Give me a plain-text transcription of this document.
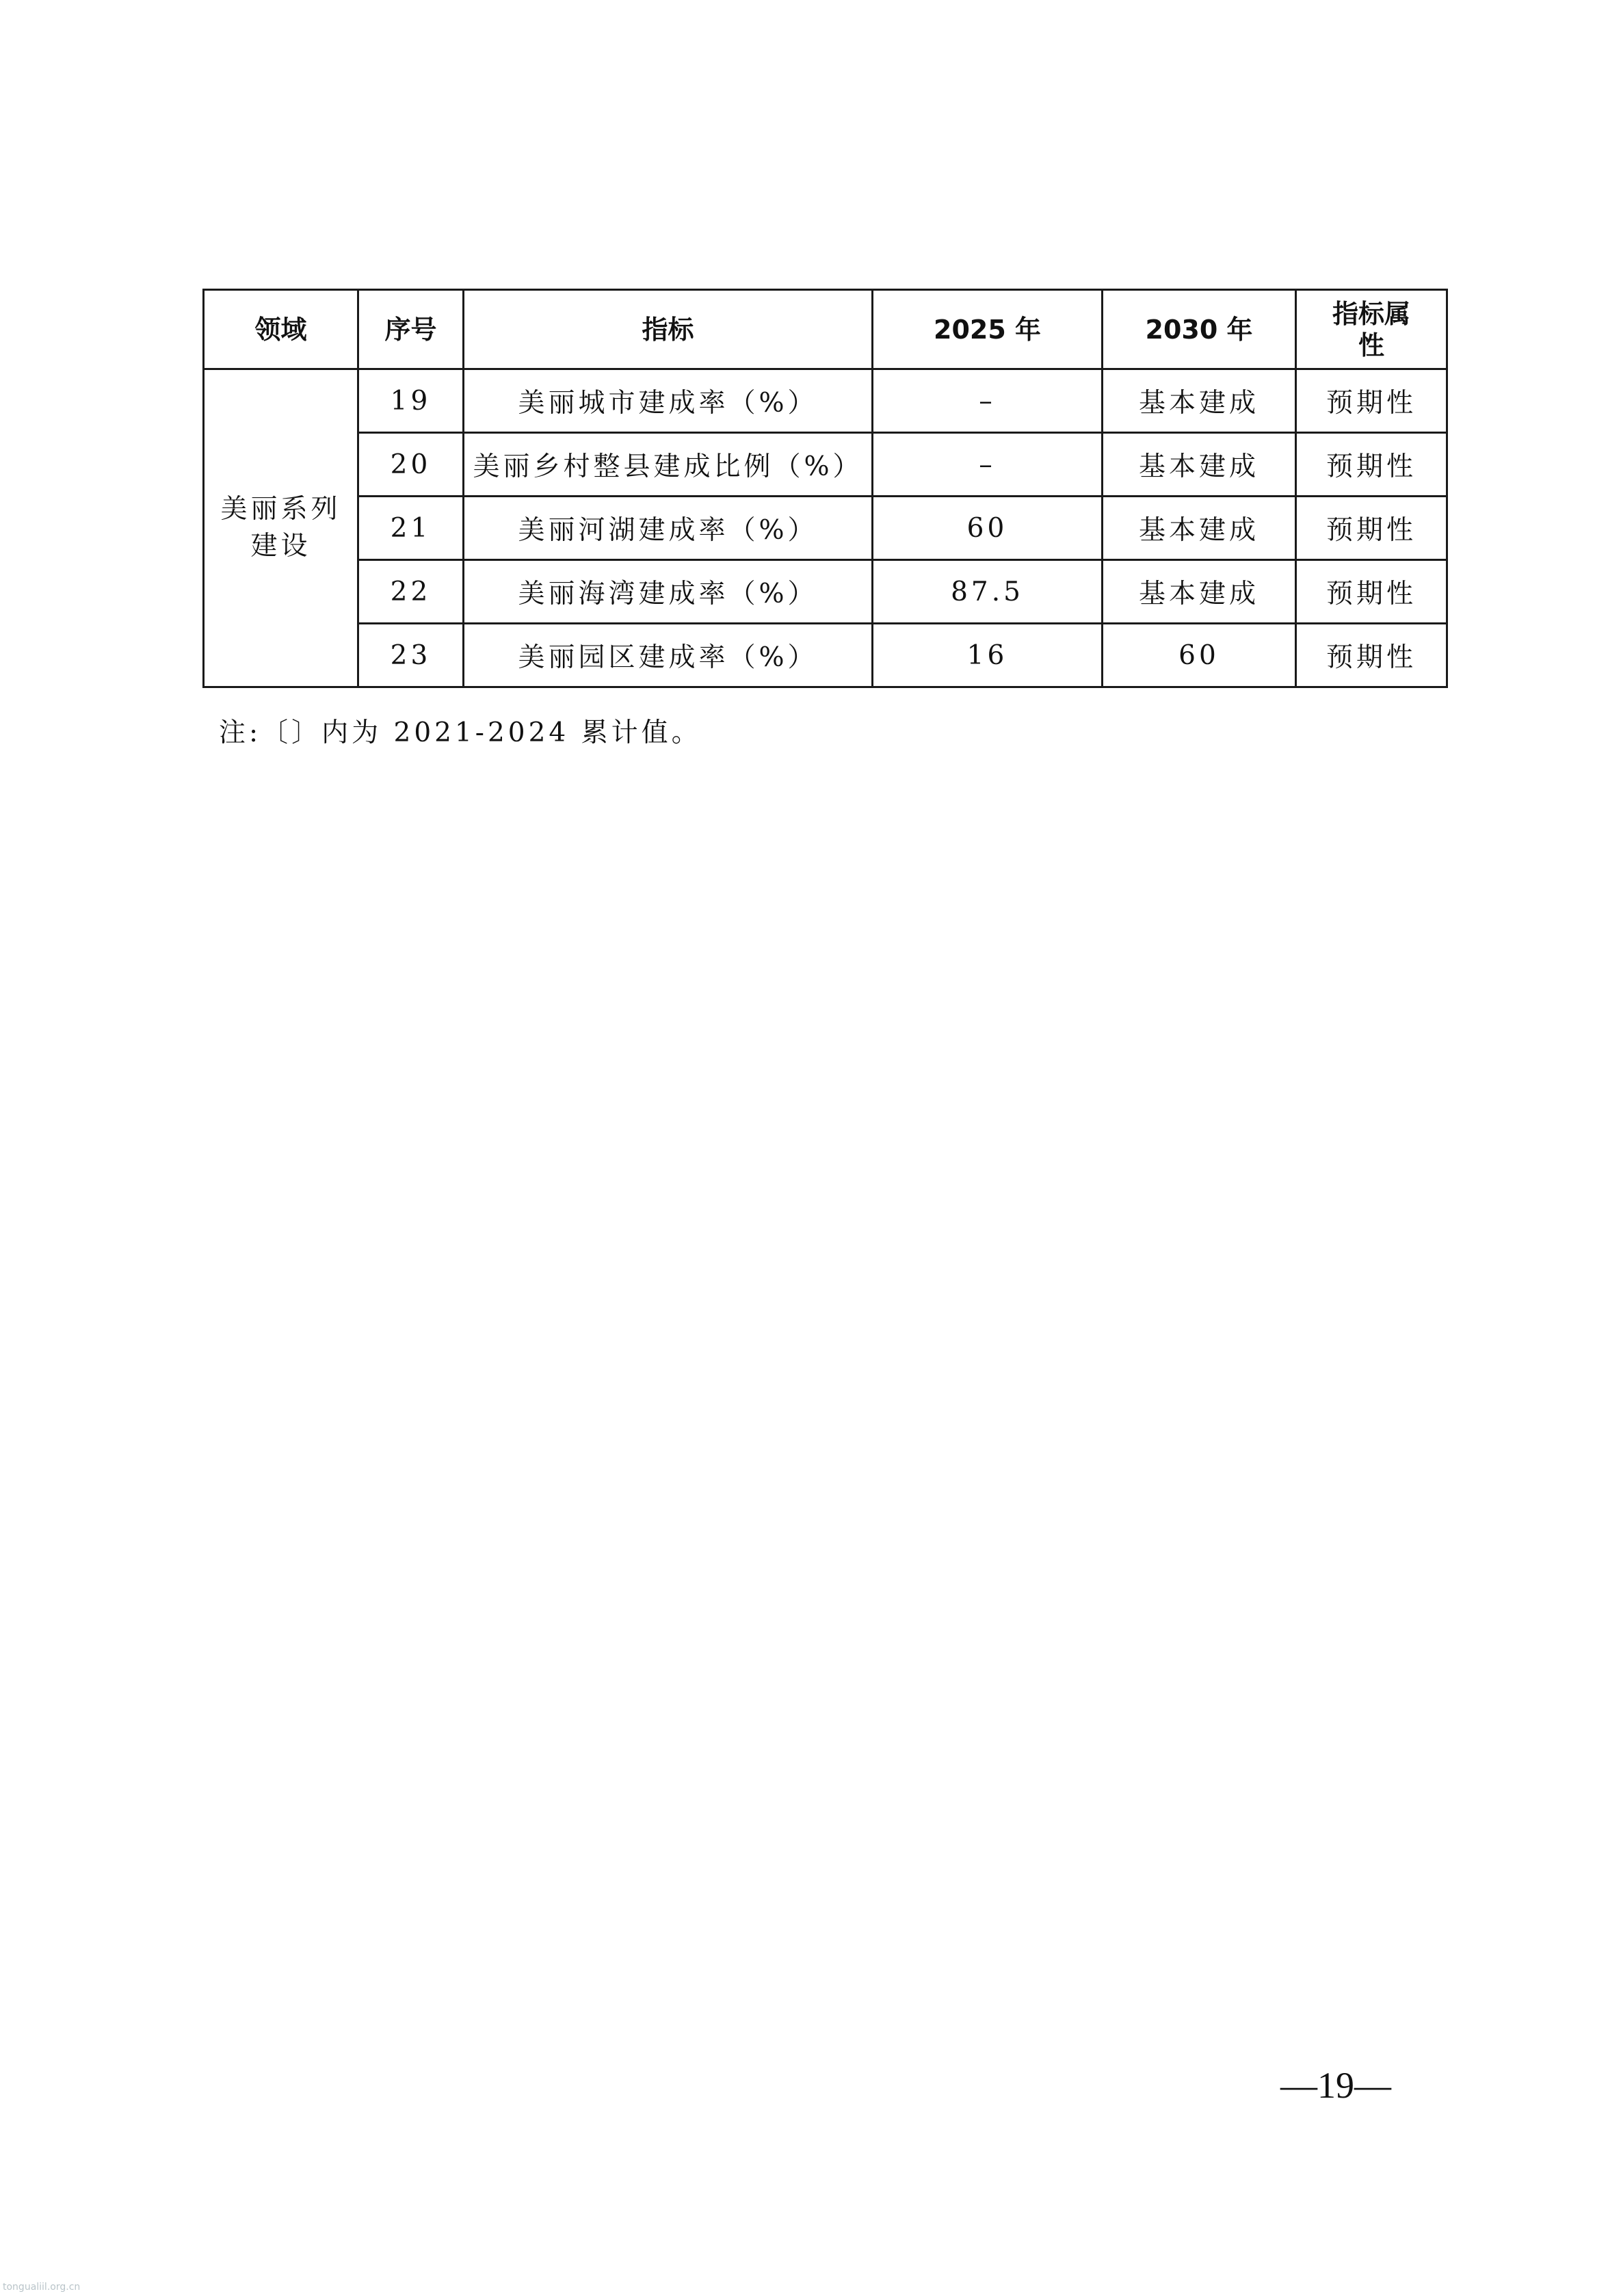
领域	序号	指标	2025 年	2030 年	指标属
性

美丽系列
建设	19	美丽城市建成率（%）	–	基本建成	预期性
	20	美丽乡村整县建成比例（%）	–	基本建成	预期性
	21	美丽河湖建成率（%）	60	基本建成	预期性
	22	美丽海湾建成率（%）	87.5	基本建成	预期性
	23	美丽园区建成率（%）	16	60	预期性
注:〔〕内为 2021-2024 累计值。
—19—
tongualiil.org.cn
